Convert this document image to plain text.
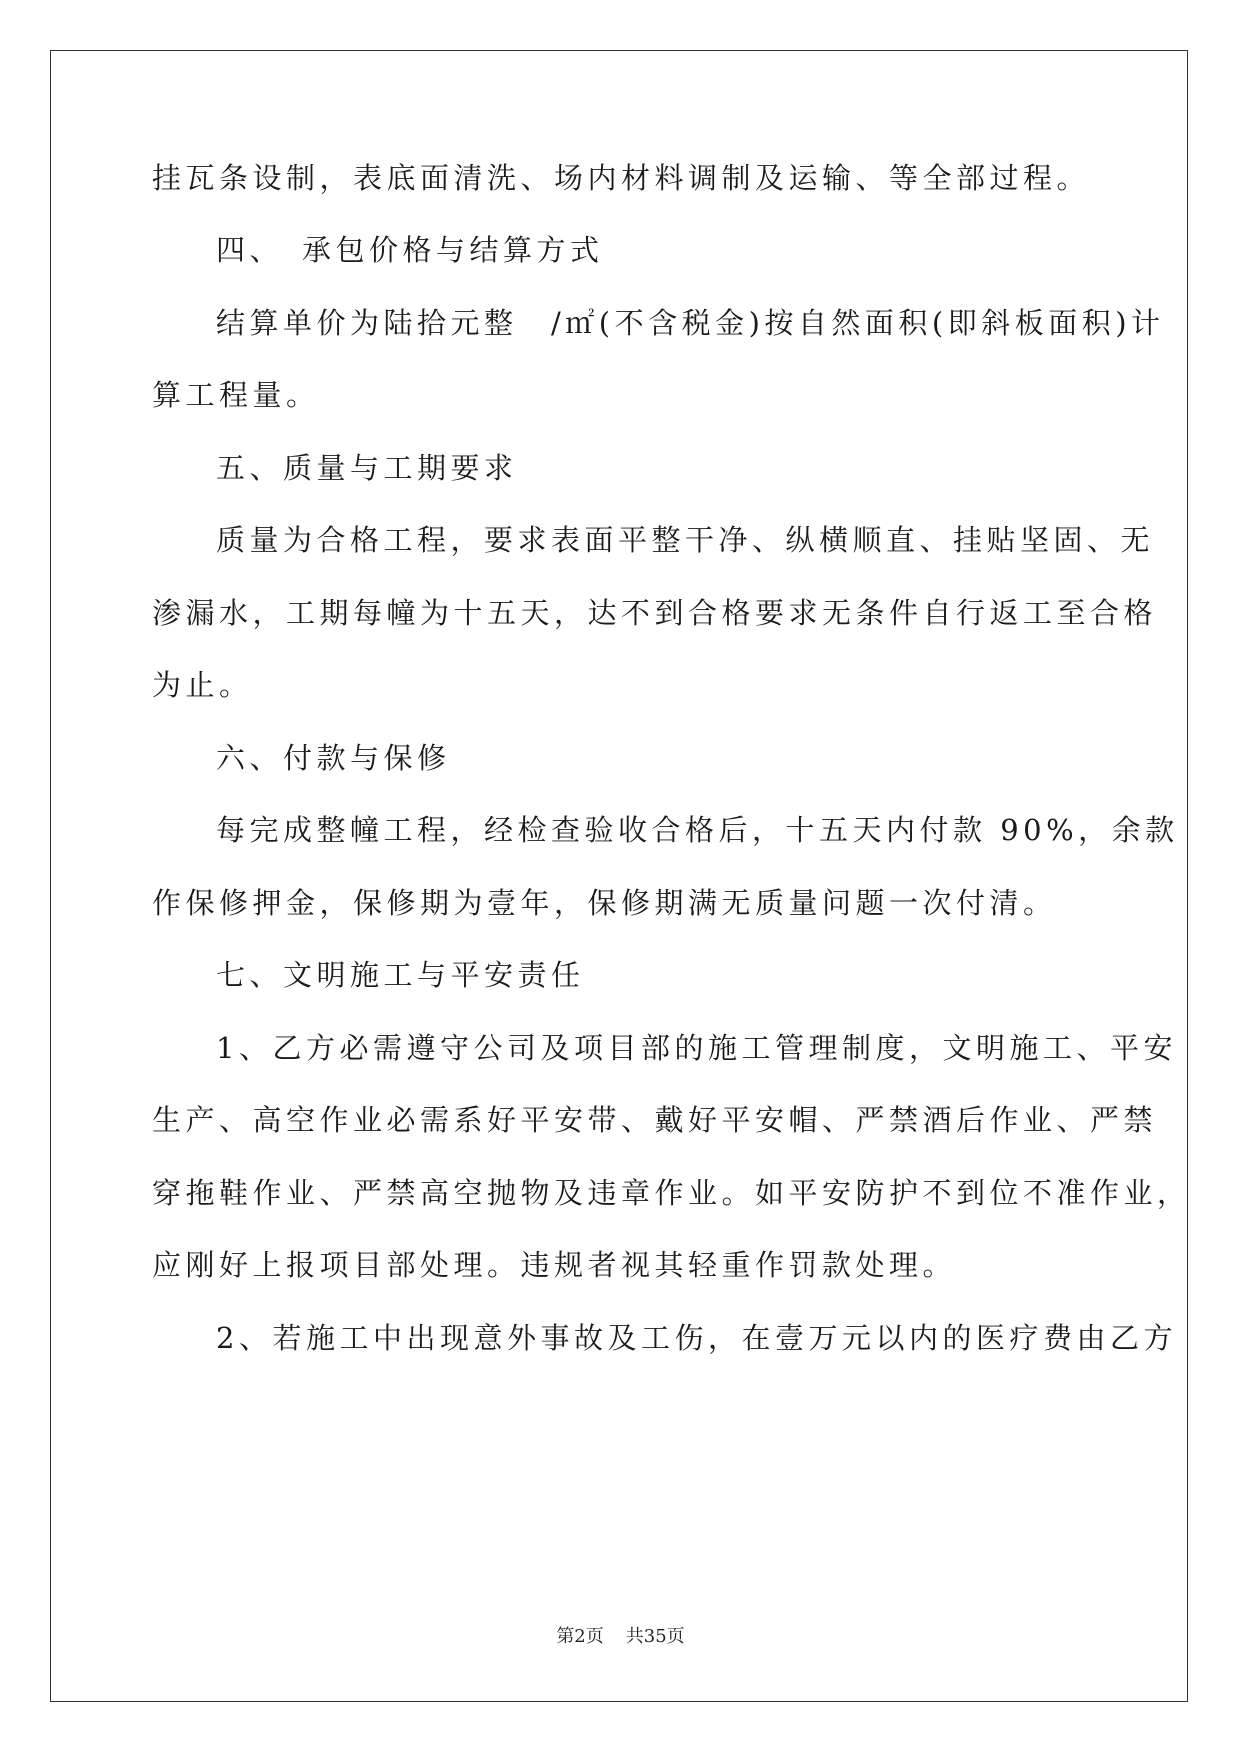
挂瓦条设制，表底面清洗、场内材料调制及运输、等全部过程。
四、　承包价格与结算方式
结算单价为陆拾元整　/㎡(不含税金)按自然面积(即斜板面积)计
算工程量。
五、质量与工期要求
质量为合格工程，要求表面平整干净、纵横顺直、挂贴坚固、无
渗漏水，工期每幢为十五天，达不到合格要求无条件自行返工至合格
为止。
六、付款与保修
每完成整幢工程，经检查验收合格后，十五天内付款 90%，余款
作保修押金，保修期为壹年，保修期满无质量问题一次付清。
七、文明施工与平安责任
1、乙方必需遵守公司及项目部的施工管理制度，文明施工、平安
生产、高空作业必需系好平安带、戴好平安帽、严禁酒后作业、严禁
穿拖鞋作业、严禁高空抛物及违章作业。如平安防护不到位不准作业，
应刚好上报项目部处理。违规者视其轻重作罚款处理。
2、若施工中出现意外事故及工伤，在壹万元以内的医疗费由乙方
第2页 共35页
